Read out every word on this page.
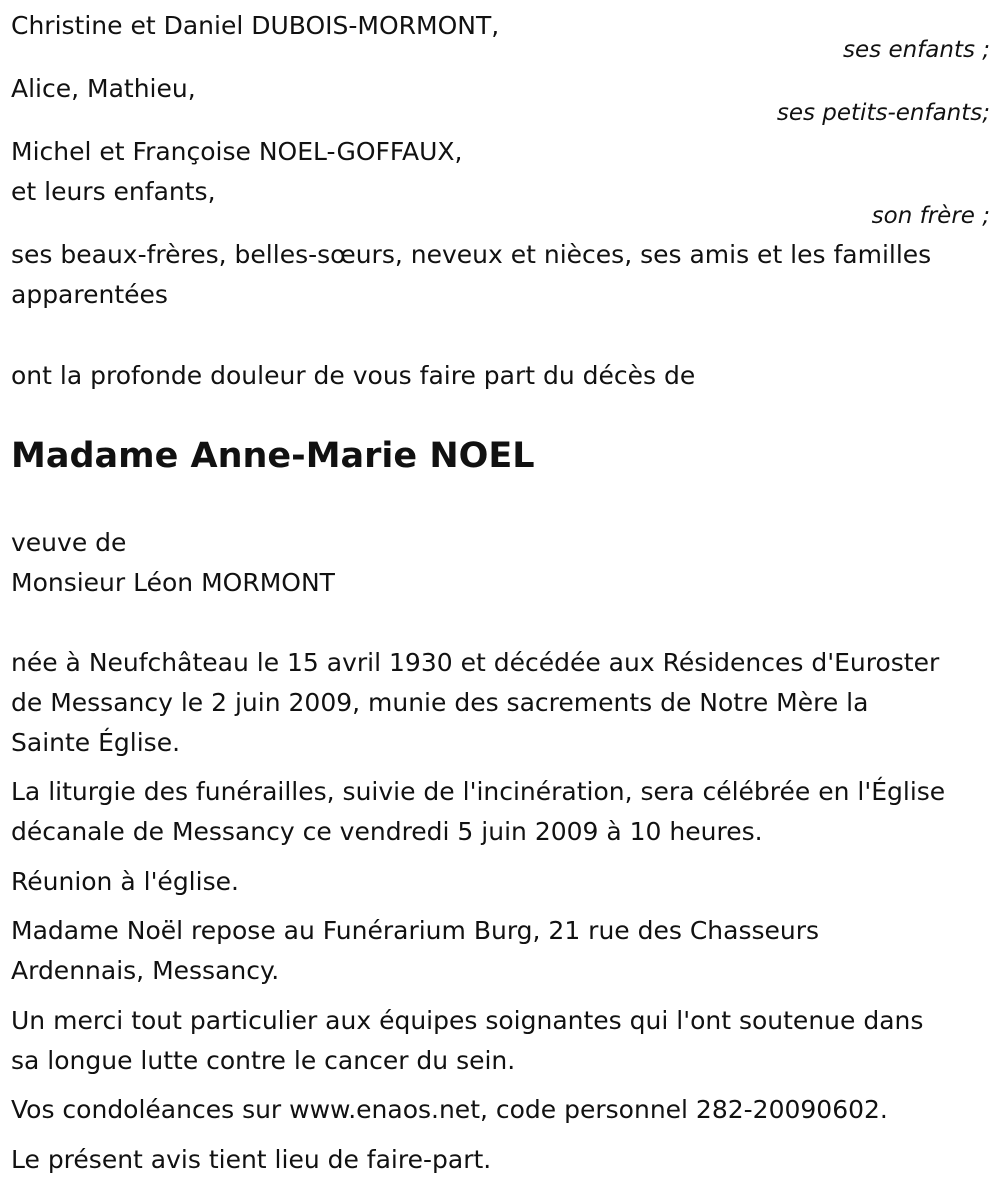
Christine et Daniel DUBOIS-MORMONT,
ses enfants ;
Alice, Mathieu,
ses petits-enfants;
Michel et Françoise NOEL-GOFFAUX,
et leurs enfants,
son frère ;
ses beaux-frères, belles-sœurs, neveux et nièces, ses amis et les familles
apparentées
ont la profonde douleur de vous faire part du décès de
Madame Anne-Marie NOEL
veuve de
Monsieur Léon MORMONT
née à Neufchâteau le 15 avril 1930 et décédée aux Résidences d'Euroster
de Messancy le 2 juin 2009, munie des sacrements de Notre Mère la
Sainte Église.
La liturgie des funérailles, suivie de l'incinération, sera célébrée en l'Église
décanale de Messancy ce vendredi 5 juin 2009 à 10 heures.
Réunion à l'église.
Madame Noël repose au Funérarium Burg, 21 rue des Chasseurs
Ardennais, Messancy.
Un merci tout particulier aux équipes soignantes qui l'ont soutenue dans
sa longue lutte contre le cancer du sein.
Vos condoléances sur www.enaos.net, code personnel 282-20090602.
Le présent avis tient lieu de faire-part.
